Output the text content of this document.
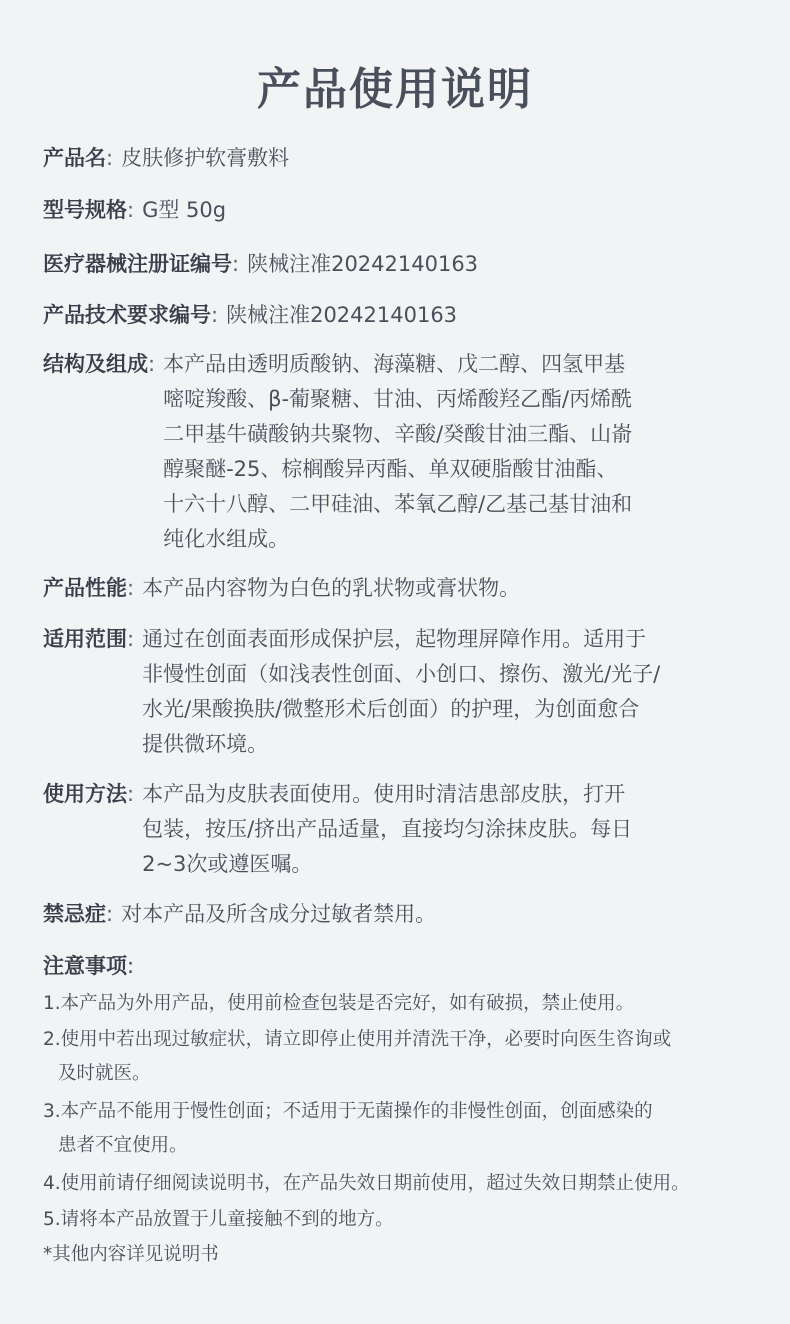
产品使用说明
产品名 : 皮肤修护软膏敷料
型号规格 : G型 50g
医疗器械注册证编号 : 陕械注准20242140163
产品技术要求编号 : 陕械注准20242140163
结构及组成 : 本产品由透明质酸钠、海藻糖、戊二醇、四氢甲基
嘧啶羧酸、β-葡聚糖、甘油、丙烯酸羟乙酯/丙烯酰
二甲基牛磺酸钠共聚物、辛酸/癸酸甘油三酯、山嵛
醇聚醚-25、棕榈酸异丙酯、单双硬脂酸甘油酯、
十六十八醇、二甲硅油、苯氧乙醇/乙基己基甘油和
纯化水组成。
产品性能 : 本产品内容物为白色的乳状物或膏状物。
适用范围 : 通过在创面表面形成保护层，起物理屏障作用。适用于
非慢性创面（如浅表性创面、小创口、擦伤、激光/光子/
水光/果酸换肤/微整形术后创面）的护理，为创面愈合
提供微环境。
使用方法 : 本产品为皮肤表面使用。使用时清洁患部皮肤，打开
包装，按压/挤出产品适量，直接均匀涂抹皮肤。每日
2~3次或遵医嘱。
禁忌症 : 对本产品及所含成分过敏者禁用。
注意事项:
1.本产品为外用产品，使用前检查包装是否完好，如有破损，禁止使用。
2.使用中若出现过敏症状，请立即停止使用并清洗干净，必要时向医生咨询或
及时就医。
3.本产品不能用于慢性创面；不适用于无菌操作的非慢性创面，创面感染的
患者不宜使用。
4.使用前请仔细阅读说明书，在产品失效日期前使用，超过失效日期禁止使用。
5.请将本产品放置于儿童接触不到的地方。
*其他内容详见说明书
